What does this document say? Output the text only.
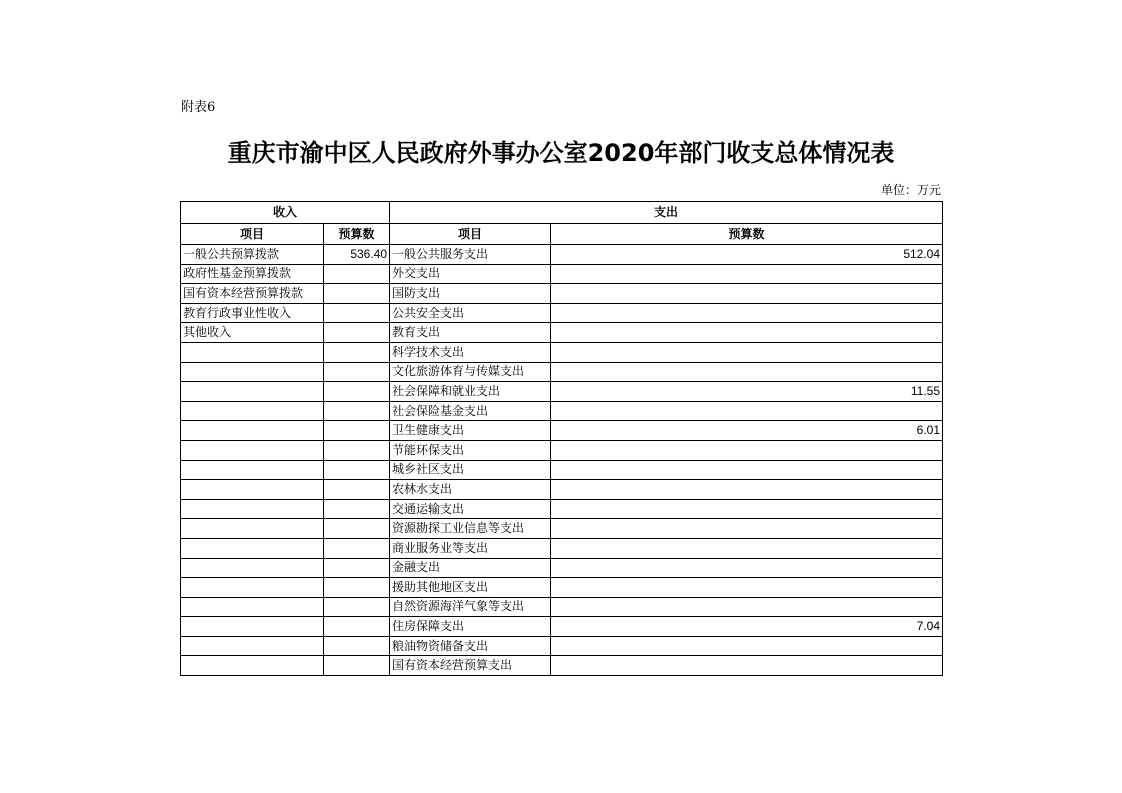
附表6
重庆市渝中区人民政府外事办公室2020年部门收支总体情况表
单位：万元
收入		支出	
项目	预算数	项目	预算数
一般公共预算拨款	536.40	一般公共服务支出	512.04
政府性基金预算拨款		外交支出	
国有资本经营预算拨款		国防支出	
教育行政事业性收入		公共安全支出	
其他收入		教育支出	
		科学技术支出	
		文化旅游体育与传媒支出	
		社会保障和就业支出	11.55
		社会保险基金支出	
		卫生健康支出	6.01
		节能环保支出	
		城乡社区支出	
		农林水支出	
		交通运输支出	
		资源勘探工业信息等支出	
		商业服务业等支出	
		金融支出	
		援助其他地区支出	
		自然资源海洋气象等支出	
		住房保障支出	7.04
		粮油物资储备支出	
		国有资本经营预算支出	
